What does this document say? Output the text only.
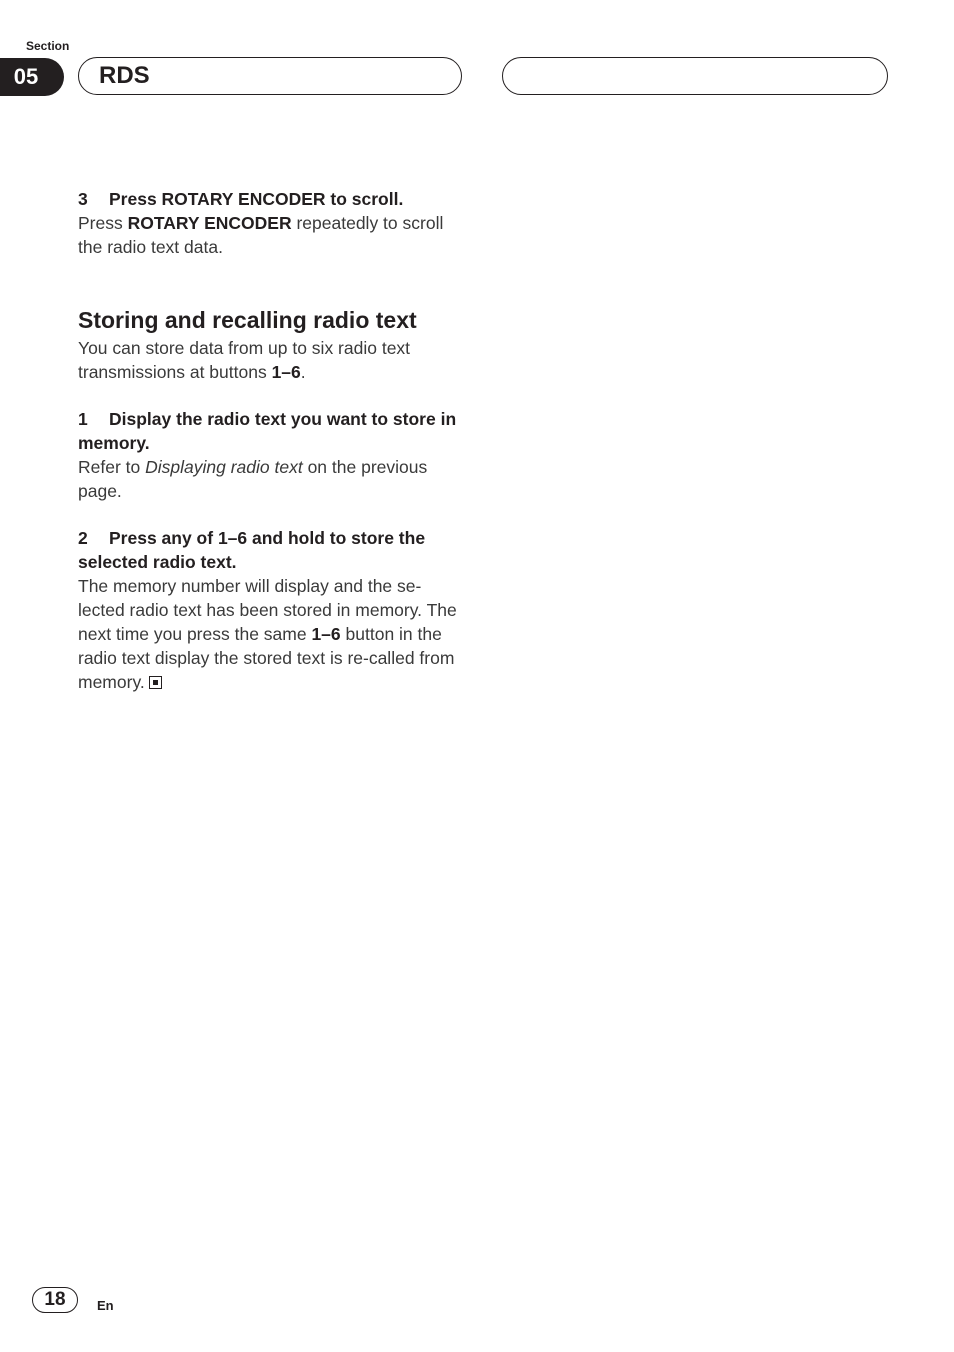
Section
05	RDS

3 Press ROTARY ENCODER to scroll.

Press ROTARY ENCODER repeatedly to scroll the radio text data.

Storing and recalling radio text

You can store data from up to six radio text transmissions at buttons 1–6.

1 Display the radio text you want to store in memory.

Refer to Displaying radio text on the previous page.

2 Press any of 1–6 and hold to store the selected radio text.

The memory number will display and the se-lected radio text has been stored in memory. The next time you press the same 1–6 button in the radio text display the stored text is re-called from memory.

18	En
